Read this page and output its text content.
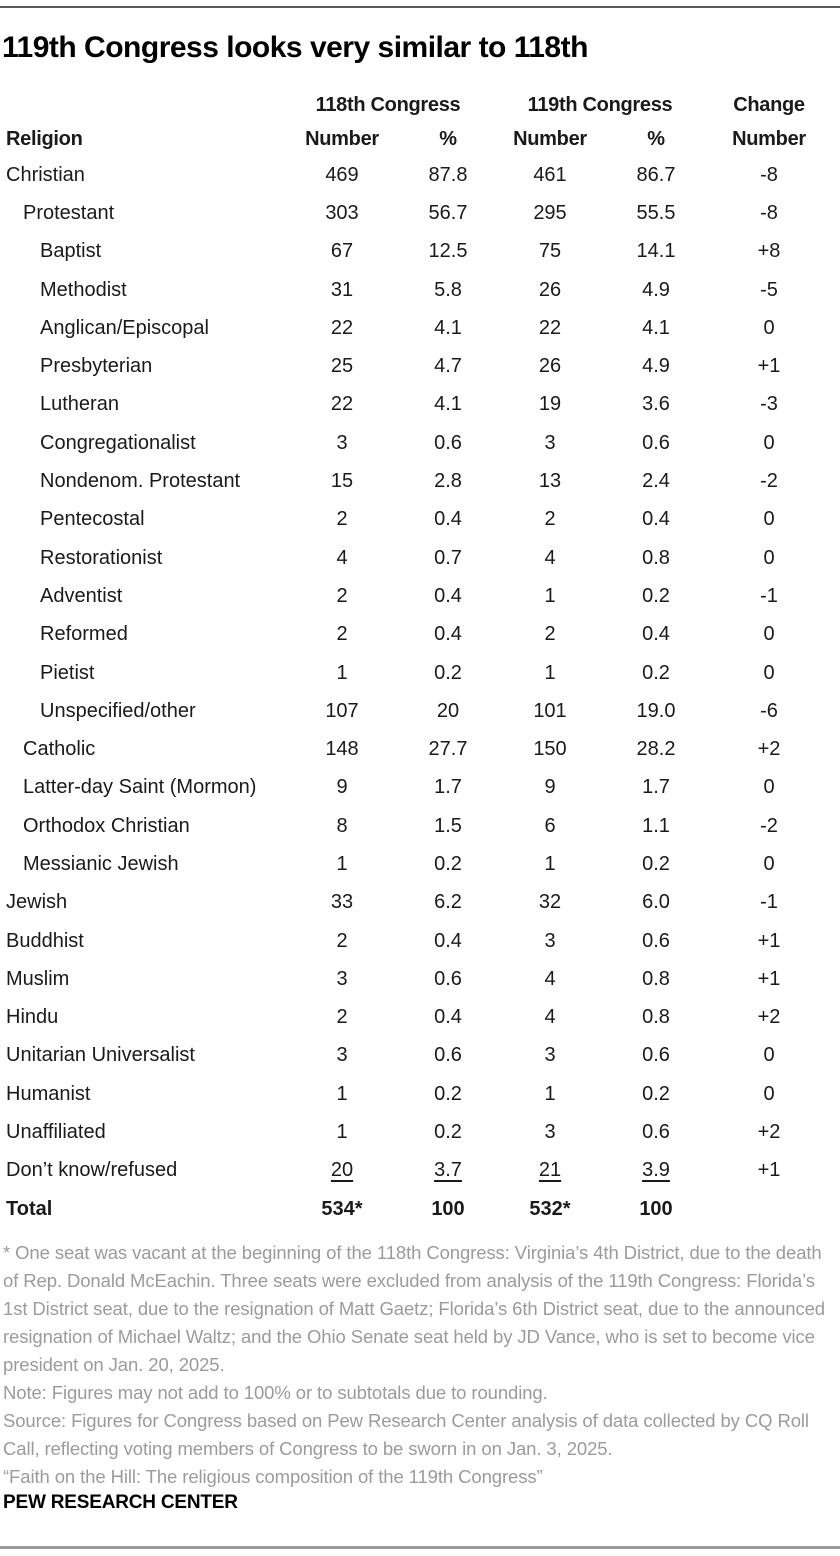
119th Congress looks very similar to 118th
118th Congress	119th Congress	Change
Religion	Number	%	Number	%	Number
Christian	469	87.8	461	86.7	-8
Protestant	303	56.7	295	55.5	-8
Baptist	67	12.5	75	14.1	+8
Methodist	31	5.8	26	4.9	-5
Anglican/Episcopal	22	4.1	22	4.1	0
Presbyterian	25	4.7	26	4.9	+1
Lutheran	22	4.1	19	3.6	-3
Congregationalist	3	0.6	3	0.6	0
Nondenom. Protestant	15	2.8	13	2.4	-2
Pentecostal	2	0.4	2	0.4	0
Restorationist	4	0.7	4	0.8	0
Adventist	2	0.4	1	0.2	-1
Reformed	2	0.4	2	0.4	0
Pietist	1	0.2	1	0.2	0
Unspecified/other	107	20	101	19.0	-6
Catholic	148	27.7	150	28.2	+2
Latter-day Saint (Mormon)	9	1.7	9	1.7	0
Orthodox Christian	8	1.5	6	1.1	-2
Messianic Jewish	1	0.2	1	0.2	0
Jewish	33	6.2	32	6.0	-1
Buddhist	2	0.4	3	0.6	+1
Muslim	3	0.6	4	0.8	+1
Hindu	2	0.4	4	0.8	+2
Unitarian Universalist	3	0.6	3	0.6	0
Humanist	1	0.2	1	0.2	0
Unaffiliated	1	0.2	3	0.6	+2
Don’t know/refused	20	3.7	21	3.9	+1
Total	534*	100	532*	100

* One seat was vacant at the beginning of the 118th Congress: Virginia’s 4th District, due to the death of Rep. Donald McEachin. Three seats were excluded from analysis of the 119th Congress: Florida’s 1st District seat, due to the resignation of Matt Gaetz; Florida’s 6th District seat, due to the announced resignation of Michael Waltz; and the Ohio Senate seat held by JD Vance, who is set to become vice president on Jan. 20, 2025.

Note: Figures may not add to 100% or to subtotals due to rounding.

Source: Figures for Congress based on Pew Research Center analysis of data collected by CQ Roll Call, reflecting voting members of Congress to be sworn in on Jan. 3, 2025.

“Faith on the Hill: The religious composition of the 119th Congress”

PEW RESEARCH CENTER
